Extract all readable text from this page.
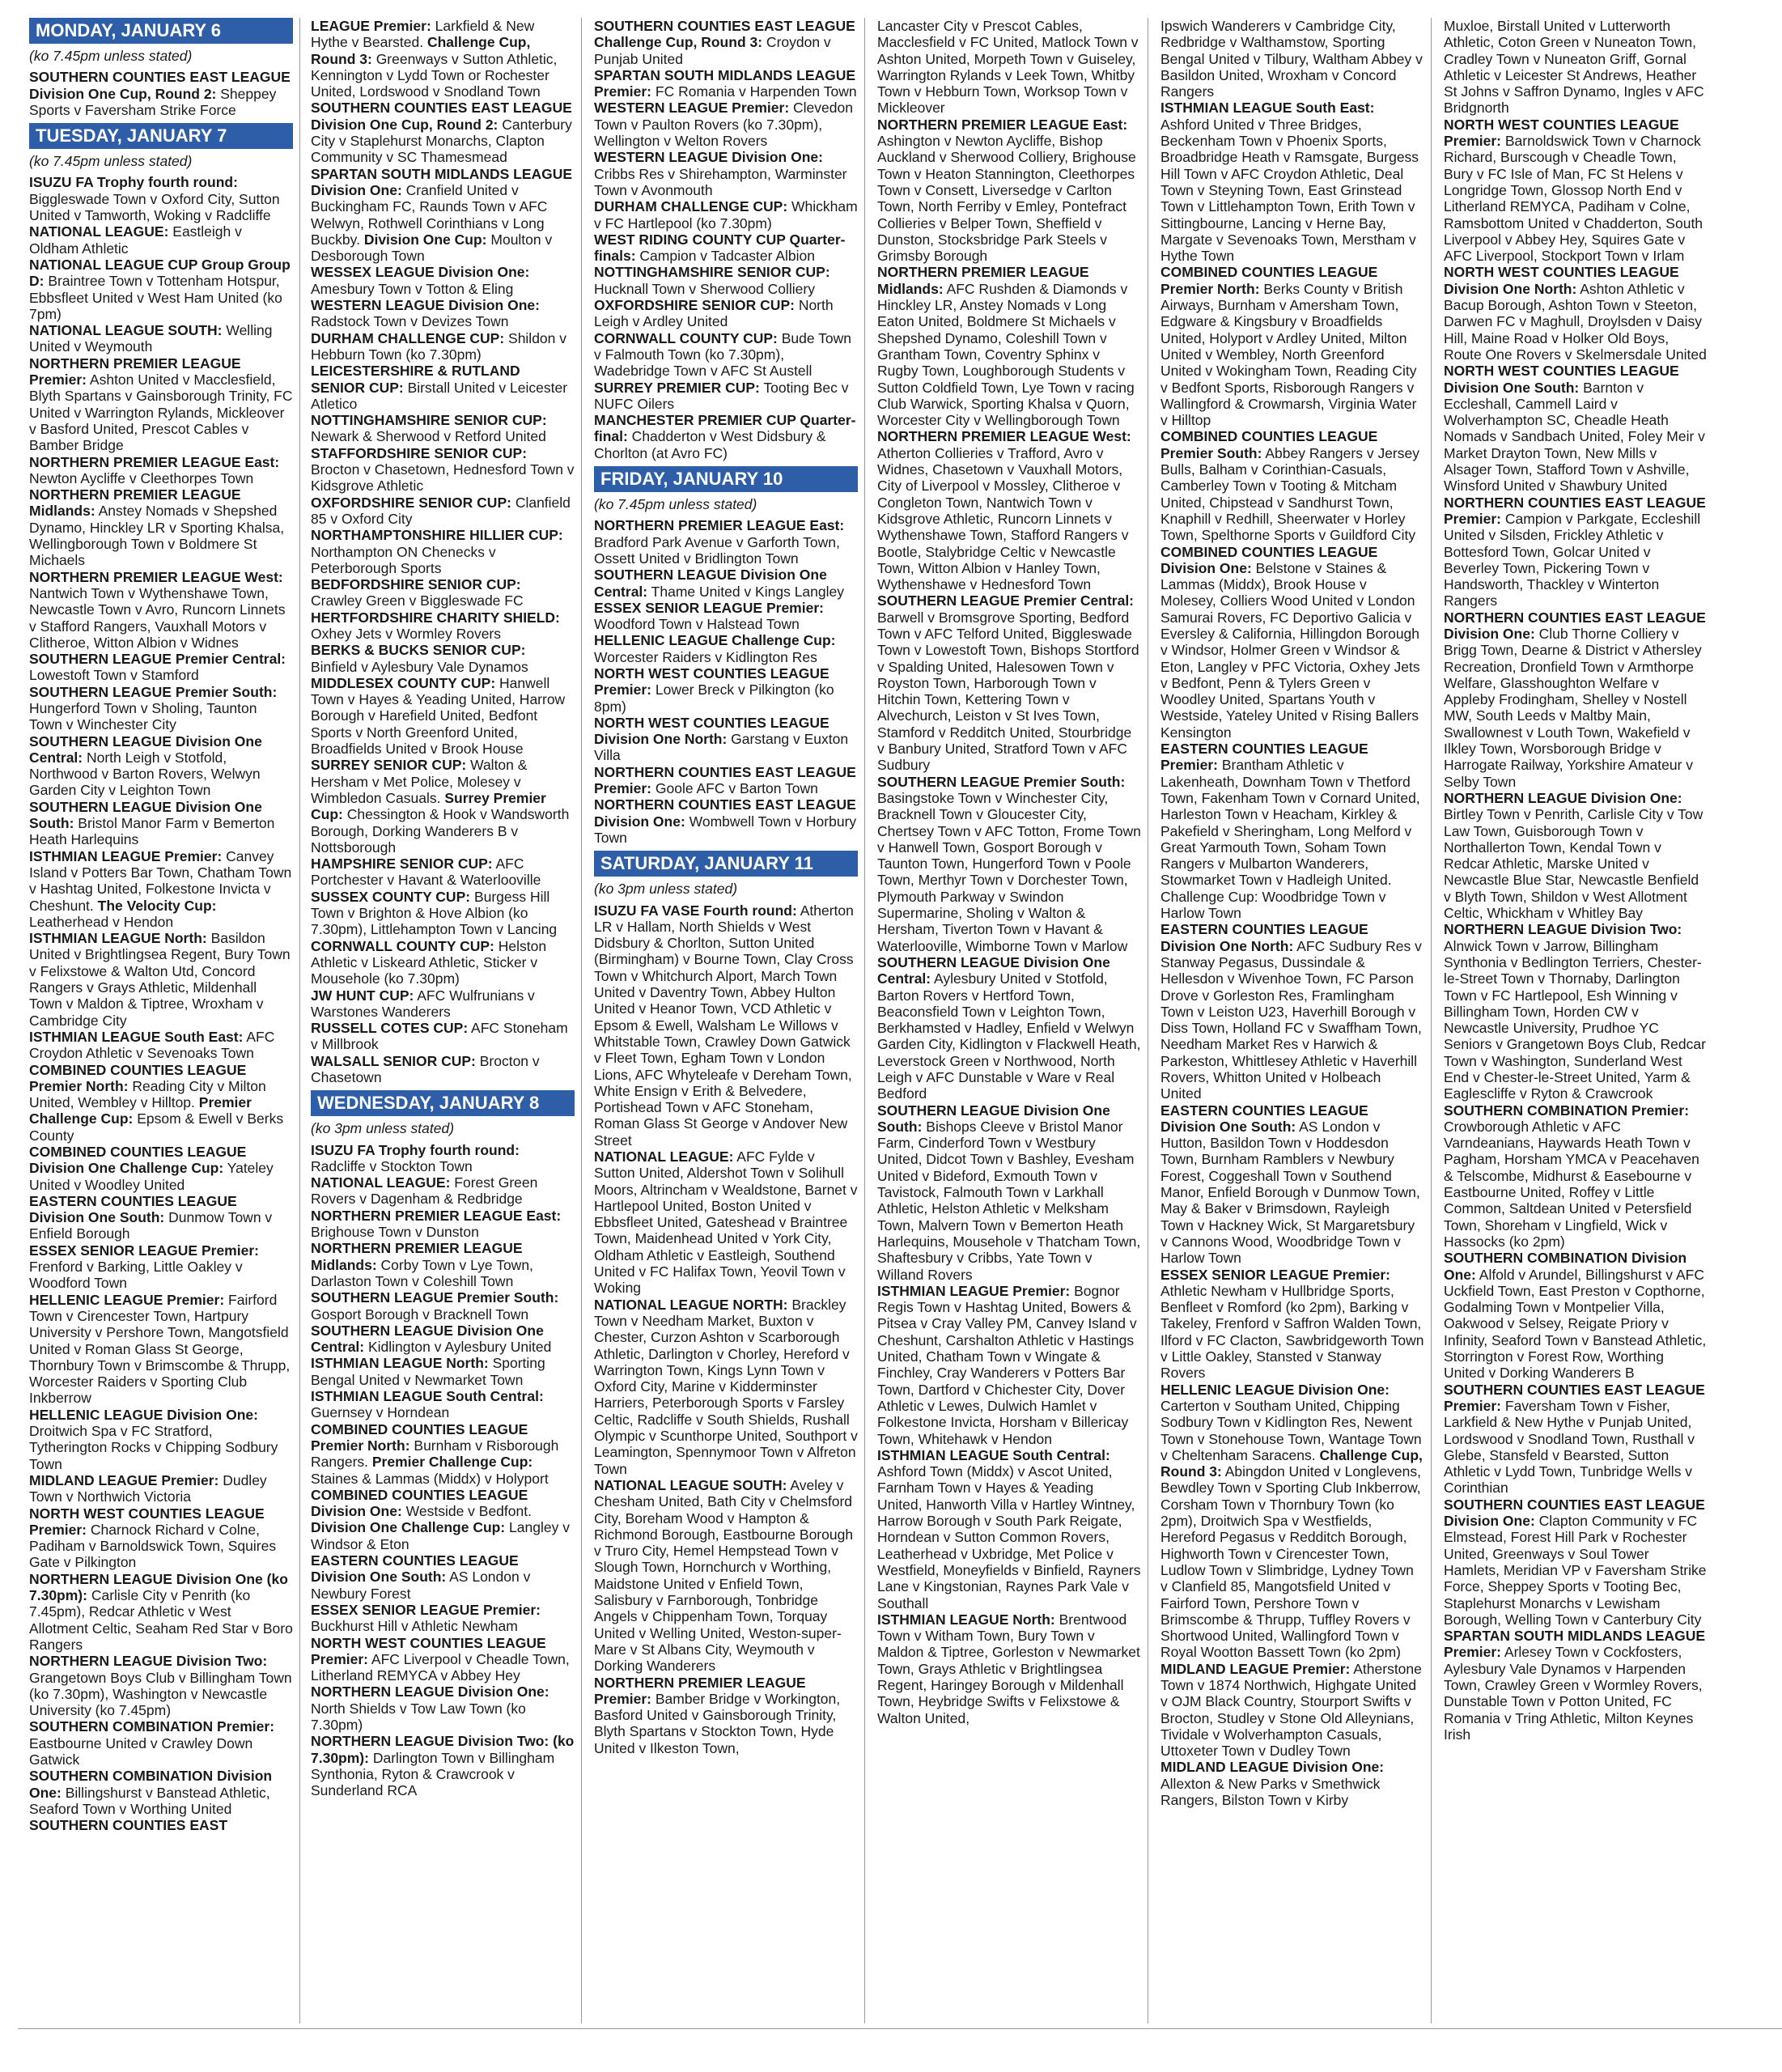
MONDAY, JANUARY 6
(ko 7.45pm unless stated)

SOUTHERN COUNTIES EAST LEAGUE Division One Cup, Round 2: Sheppey Sports v Faversham Strike Force

TUESDAY, JANUARY 7
(ko 7.45pm unless stated)

ISUZU FA Trophy fourth round: Biggleswade Town v Oxford City, Sutton United v Tamworth, Woking v Radcliffe

NATIONAL LEAGUE: Eastleigh v Oldham Athletic

NATIONAL LEAGUE CUP Group Group D: Braintree Town v Tottenham Hotspur, Ebbsfleet United v West Ham United (ko 7pm)

NATIONAL LEAGUE SOUTH: Welling United v Weymouth

NORTHERN PREMIER LEAGUE Premier: Ashton United v Macclesfield, Blyth Spartans v Gainsborough Trinity, FC United v Warrington Rylands, Mickleover v Basford United, Prescot Cables v Bamber Bridge

NORTHERN PREMIER LEAGUE East: Newton Aycliffe v Cleethorpes Town

NORTHERN PREMIER LEAGUE Midlands: Anstey Nomads v Shepshed Dynamo, Hinckley LR v Sporting Khalsa, Wellingborough Town v Boldmere St Michaels

NORTHERN PREMIER LEAGUE West: Nantwich Town v Wythenshawe Town, Newcastle Town v Avro, Runcorn Linnets v Stafford Rangers, Vauxhall Motors v Clitheroe, Witton Albion v Widnes

SOUTHERN LEAGUE Premier Central: Lowestoft Town v Stamford

SOUTHERN LEAGUE Premier South: Hungerford Town v Sholing, Taunton Town v Winchester City

SOUTHERN LEAGUE Division One Central: North Leigh v Stotfold, Northwood v Barton Rovers, Welwyn Garden City v Leighton Town

SOUTHERN LEAGUE Division One South: Bristol Manor Farm v Bemerton Heath Harlequins

ISTHMIAN LEAGUE Premier: Canvey Island v Potters Bar Town, Chatham Town v Hashtag United, Folkestone Invicta v Cheshunt. The Velocity Cup: Leatherhead v Hendon

ISTHMIAN LEAGUE North: Basildon United v Brightlingsea Regent, Bury Town v Felixstowe & Walton Utd, Concord Rangers v Grays Athletic, Mildenhall Town v Maldon & Tiptree, Wroxham v Cambridge City

ISTHMIAN LEAGUE South East: AFC Croydon Athletic v Sevenoaks Town

COMBINED COUNTIES LEAGUE Premier North: Reading City v Milton United, Wembley v Hilltop. Premier Challenge Cup: Epsom & Ewell v Berks County

COMBINED COUNTIES LEAGUE Division One Challenge Cup: Yateley United v Woodley United

EASTERN COUNTIES LEAGUE Division One South: Dunmow Town v Enfield Borough

ESSEX SENIOR LEAGUE Premier: Frenford v Barking, Little Oakley v Woodford Town

HELLENIC LEAGUE Premier: Fairford Town v Cirencester Town, Hartpury University v Pershore Town, Mangotsfield United v Roman Glass St George, Thornbury Town v Brimscombe & Thrupp, Worcester Raiders v Sporting Club Inkberrow

HELLENIC LEAGUE Division One: Droitwich Spa v FC Stratford, Tytherington Rocks v Chipping Sodbury Town

MIDLAND LEAGUE Premier: Dudley Town v Northwich Victoria

NORTH WEST COUNTIES LEAGUE Premier: Charnock Richard v Colne, Padiham v Barnoldswick Town, Squires Gate v Pilkington

NORTHERN LEAGUE Division One (ko 7.30pm): Carlisle City v Penrith (ko 7.45pm), Redcar Athletic v West Allotment Celtic, Seaham Red Star v Boro Rangers

NORTHERN LEAGUE Division Two: Grangetown Boys Club v Billingham Town (ko 7.30pm), Washington v Newcastle University (ko 7.45pm)

SOUTHERN COMBINATION Premier: Eastbourne United v Crawley Down Gatwick

SOUTHERN COMBINATION Division One: Billingshurst v Banstead Athletic, Seaford Town v Worthing United

SOUTHERN COUNTIES EAST

LEAGUE Premier: Larkfield & New Hythe v Bearsted. Challenge Cup, Round 3: Greenways v Sutton Athletic, Kennington v Lydd Town or Rochester United, Lordswood v Snodland Town

SOUTHERN COUNTIES EAST LEAGUE Division One Cup, Round 2: Canterbury City v Staplehurst Monarchs, Clapton Community v SC Thamesmead

SPARTAN SOUTH MIDLANDS LEAGUE Division One: Cranfield United v Buckingham FC, Raunds Town v AFC Welwyn, Rothwell Corinthians v Long Buckby. Division One Cup: Moulton v Desborough Town

WESSEX LEAGUE Division One: Amesbury Town v Totton & Eling

WESTERN LEAGUE Division One: Radstock Town v Devizes Town

DURHAM CHALLENGE CUP: Shildon v Hebburn Town (ko 7.30pm)

LEICESTERSHIRE & RUTLAND SENIOR CUP: Birstall United v Leicester Atletico

NOTTINGHAMSHIRE SENIOR CUP: Newark & Sherwood v Retford United

STAFFORDSHIRE SENIOR CUP: Brocton v Chasetown, Hednesford Town v Kidsgrove Athletic

OXFORDSHIRE SENIOR CUP: Clanfield 85 v Oxford City

NORTHAMPTONSHIRE HILLIER CUP: Northampton ON Chenecks v Peterborough Sports

BEDFORDSHIRE SENIOR CUP: Crawley Green v Biggleswade FC

HERTFORDSHIRE CHARITY SHIELD: Oxhey Jets v Wormley Rovers

BERKS & BUCKS SENIOR CUP: Binfield v Aylesbury Vale Dynamos

MIDDLESEX COUNTY CUP: Hanwell Town v Hayes & Yeading United, Harrow Borough v Harefield United, Bedfont Sports v North Greenford United, Broadfields United v Brook House

SURREY SENIOR CUP: Walton & Hersham v Met Police, Molesey v Wimbledon Casuals. Surrey Premier Cup: Chessington & Hook v Wandsworth Borough, Dorking Wanderers B v Nottsborough

HAMPSHIRE SENIOR CUP: AFC Portchester v Havant & Waterlooville

SUSSEX COUNTY CUP: Burgess Hill Town v Brighton & Hove Albion (ko 7.30pm), Littlehampton Town v Lancing

CORNWALL COUNTY CUP: Helston Athletic v Liskeard Athletic, Sticker v Mousehole (ko 7.30pm)

JW HUNT CUP: AFC Wulfrunians v Warstones Wanderers

RUSSELL COTES CUP: AFC Stoneham v Millbrook

WALSALL SENIOR CUP: Brocton v Chasetown

WEDNESDAY, JANUARY 8
(ko 3pm unless stated)

ISUZU FA Trophy fourth round: Radcliffe v Stockton Town

NATIONAL LEAGUE: Forest Green Rovers v Dagenham & Redbridge

NORTHERN PREMIER LEAGUE East: Brighouse Town v Dunston

NORTHERN PREMIER LEAGUE Midlands: Corby Town v Lye Town, Darlaston Town v Coleshill Town

SOUTHERN LEAGUE Premier South: Gosport Borough v Bracknell Town

SOUTHERN LEAGUE Division One Central: Kidlington v Aylesbury United

ISTHMIAN LEAGUE North: Sporting Bengal United v Newmarket Town

ISTHMIAN LEAGUE South Central: Guernsey v Horndean

COMBINED COUNTIES LEAGUE Premier North: Burnham v Risborough Rangers. Premier Challenge Cup: Staines & Lammas (Middx) v Holyport

COMBINED COUNTIES LEAGUE Division One: Westside v Bedfont. Division One Challenge Cup: Langley v Windsor & Eton

EASTERN COUNTIES LEAGUE Division One South: AS London v Newbury Forest

ESSEX SENIOR LEAGUE Premier: Buckhurst Hill v Athletic Newham

NORTH WEST COUNTIES LEAGUE Premier: AFC Liverpool v Cheadle Town, Litherland REMYCA v Abbey Hey

NORTHERN LEAGUE Division One: North Shields v Tow Law Town (ko 7.30pm)

NORTHERN LEAGUE Division Two: (ko 7.30pm): Darlington Town v Billingham Synthonia, Ryton & Crawcrook v Sunderland RCA

SOUTHERN COUNTIES EAST LEAGUE Challenge Cup, Round 3: Croydon v Punjab United

SPARTAN SOUTH MIDLANDS LEAGUE Premier: FC Romania v Harpenden Town

WESTERN LEAGUE Premier: Clevedon Town v Paulton Rovers (ko 7.30pm), Wellington v Welton Rovers

WESTERN LEAGUE Division One: Cribbs Res v Shirehampton, Warminster Town v Avonmouth

DURHAM CHALLENGE CUP: Whickham v FC Hartlepool (ko 7.30pm)

WEST RIDING COUNTY CUP Quarter-finals: Campion v Tadcaster Albion

NOTTINGHAMSHIRE SENIOR CUP: Hucknall Town v Sherwood Colliery

OXFORDSHIRE SENIOR CUP: North Leigh v Ardley United

CORNWALL COUNTY CUP: Bude Town v Falmouth Town (ko 7.30pm), Wadebridge Town v AFC St Austell

SURREY PREMIER CUP: Tooting Bec v NUFC Oilers

MANCHESTER PREMIER CUP Quarter-final: Chadderton v West Didsbury & Chorlton (at Avro FC)

FRIDAY, JANUARY 10
(ko 7.45pm unless stated)

NORTHERN PREMIER LEAGUE East: Bradford Park Avenue v Garforth Town, Ossett United v Bridlington Town

SOUTHERN LEAGUE Division One Central: Thame United v Kings Langley

ESSEX SENIOR LEAGUE Premier: Woodford Town v Halstead Town

HELLENIC LEAGUE Challenge Cup: Worcester Raiders v Kidlington Res

NORTH WEST COUNTIES LEAGUE Premier: Lower Breck v Pilkington (ko 8pm)

NORTH WEST COUNTIES LEAGUE Division One North: Garstang v Euxton Villa

NORTHERN COUNTIES EAST LEAGUE Premier: Goole AFC v Barton Town

NORTHERN COUNTIES EAST LEAGUE Division One: Wombwell Town v Horbury Town

SATURDAY, JANUARY 11
(ko 3pm unless stated)

ISUZU FA VASE Fourth round: Atherton LR v Hallam, North Shields v West Didsbury & Chorlton, Sutton United (Birmingham) v Bourne Town, Clay Cross Town v Whitchurch Alport, March Town United v Daventry Town, Abbey Hulton United v Heanor Town, VCD Athletic v Epsom & Ewell, Walsham Le Willows v Whitstable Town, Crawley Down Gatwick v Fleet Town, Egham Town v London Lions, AFC Whyteleafe v Dereham Town, White Ensign v Erith & Belvedere, Portishead Town v AFC Stoneham, Roman Glass St George v Andover New Street

NATIONAL LEAGUE: AFC Fylde v Sutton United, Aldershot Town v Solihull Moors, Altrincham v Wealdstone, Barnet v Hartlepool United, Boston United v Ebbsfleet United, Gateshead v Braintree Town, Maidenhead United v York City, Oldham Athletic v Eastleigh, Southend United v FC Halifax Town, Yeovil Town v Woking

NATIONAL LEAGUE NORTH: Brackley Town v Needham Market, Buxton v Chester, Curzon Ashton v Scarborough Athletic, Darlington v Chorley, Hereford v Warrington Town, Kings Lynn Town v Oxford City, Marine v Kidderminster Harriers, Peterborough Sports v Farsley Celtic, Radcliffe v South Shields, Rushall Olympic v Scunthorpe United, Southport v Leamington, Spennymoor Town v Alfreton Town

NATIONAL LEAGUE SOUTH: Aveley v Chesham United, Bath City v Chelmsford City, Boreham Wood v Hampton & Richmond Borough, Eastbourne Borough v Truro City, Hemel Hempstead Town v Slough Town, Hornchurch v Worthing, Maidstone United v Enfield Town, Salisbury v Farnborough, Tonbridge Angels v Chippenham Town, Torquay United v Welling United, Weston-super-Mare v St Albans City, Weymouth v Dorking Wanderers

NORTHERN PREMIER LEAGUE Premier: Bamber Bridge v Workington, Basford United v Gainsborough Trinity, Blyth Spartans v Stockton Town, Hyde United v Ilkeston Town,

Lancaster City v Prescot Cables, Macclesfield v FC United, Matlock Town v Ashton United, Morpeth Town v Guiseley, Warrington Rylands v Leek Town, Whitby Town v Hebburn Town, Worksop Town v Mickleover

NORTHERN PREMIER LEAGUE East: Ashington v Newton Aycliffe, Bishop Auckland v Sherwood Colliery, Brighouse Town v Heaton Stannington, Cleethorpes Town v Consett, Liversedge v Carlton Town, North Ferriby v Emley, Pontefract Collieries v Belper Town, Sheffield v Dunston, Stocksbridge Park Steels v Grimsby Borough

NORTHERN PREMIER LEAGUE Midlands: AFC Rushden & Diamonds v Hinckley LR, Anstey Nomads v Long Eaton United, Boldmere St Michaels v Shepshed Dynamo, Coleshill Town v Grantham Town, Coventry Sphinx v Rugby Town, Loughborough Students v Sutton Coldfield Town, Lye Town v racing Club Warwick, Sporting Khalsa v Quorn, Worcester City v Wellingborough Town

NORTHERN PREMIER LEAGUE West: Atherton Collieries v Trafford, Avro v Widnes, Chasetown v Vauxhall Motors, City of Liverpool v Mossley, Clitheroe v Congleton Town, Nantwich Town v Kidsgrove Athletic, Runcorn Linnets v Wythenshawe Town, Stafford Rangers v Bootle, Stalybridge Celtic v Newcastle Town, Witton Albion v Hanley Town, Wythenshawe v Hednesford Town

SOUTHERN LEAGUE Premier Central: Barwell v Bromsgrove Sporting, Bedford Town v AFC Telford United, Biggleswade Town v Lowestoft Town, Bishops Stortford v Spalding United, Halesowen Town v Royston Town, Harborough Town v Hitchin Town, Kettering Town v Alvechurch, Leiston v St Ives Town, Stamford v Redditch United, Stourbridge v Banbury United, Stratford Town v AFC Sudbury

SOUTHERN LEAGUE Premier South: Basingstoke Town v Winchester City, Bracknell Town v Gloucester City, Chertsey Town v AFC Totton, Frome Town v Hanwell Town, Gosport Borough v Taunton Town, Hungerford Town v Poole Town, Merthyr Town v Dorchester Town, Plymouth Parkway v Swindon Supermarine, Sholing v Walton & Hersham, Tiverton Town v Havant & Waterlooville, Wimborne Town v Marlow

SOUTHERN LEAGUE Division One Central: Aylesbury United v Stotfold, Barton Rovers v Hertford Town, Beaconsfield Town v Leighton Town, Berkhamsted v Hadley, Enfield v Welwyn Garden City, Kidlington v Flackwell Heath, Leverstock Green v Northwood, North Leigh v AFC Dunstable v Ware v Real Bedford

SOUTHERN LEAGUE Division One South: Bishops Cleeve v Bristol Manor Farm, Cinderford Town v Westbury United, Didcot Town v Bashley, Evesham United v Bideford, Exmouth Town v Tavistock, Falmouth Town v Larkhall Athletic, Helston Athletic v Melksham Town, Malvern Town v Bemerton Heath Harlequins, Mousehole v Thatcham Town, Shaftesbury v Cribbs, Yate Town v Willand Rovers

ISTHMIAN LEAGUE Premier: Bognor Regis Town v Hashtag United, Bowers & Pitsea v Cray Valley PM, Canvey Island v Cheshunt, Carshalton Athletic v Hastings United, Chatham Town v Wingate & Finchley, Cray Wanderers v Potters Bar Town, Dartford v Chichester City, Dover Athletic v Lewes, Dulwich Hamlet v Folkestone Invicta, Horsham v Billericay Town, Whitehawk v Hendon

ISTHMIAN LEAGUE South Central: Ashford Town (Middx) v Ascot United, Farnham Town v Hayes & Yeading United, Hanworth Villa v Hartley Wintney, Harrow Borough v South Park Reigate, Horndean v Sutton Common Rovers, Leatherhead v Uxbridge, Met Police v Westfield, Moneyfields v Binfield, Rayners Lane v Kingstonian, Raynes Park Vale v Southall

ISTHMIAN LEAGUE North: Brentwood Town v Witham Town, Bury Town v Maldon & Tiptree, Gorleston v Newmarket Town, Grays Athletic v Brightlingsea Regent, Haringey Borough v Mildenhall Town, Heybridge Swifts v Felixstowe & Walton United,

Ipswich Wanderers v Cambridge City, Redbridge v Walthamstow, Sporting Bengal United v Tilbury, Waltham Abbey v Basildon United, Wroxham v Concord Rangers

ISTHMIAN LEAGUE South East: Ashford United v Three Bridges, Beckenham Town v Phoenix Sports, Broadbridge Heath v Ramsgate, Burgess Hill Town v AFC Croydon Athletic, Deal Town v Steyning Town, East Grinstead Town v Littlehampton Town, Erith Town v Sittingbourne, Lancing v Herne Bay, Margate v Sevenoaks Town, Merstham v Hythe Town

COMBINED COUNTIES LEAGUE Premier North: Berks County v British Airways, Burnham v Amersham Town, Edgware & Kingsbury v Broadfields United, Holyport v Ardley United, Milton United v Wembley, North Greenford United v Wokingham Town, Reading City v Bedfont Sports, Risborough Rangers v Wallingford & Crowmarsh, Virginia Water v Hilltop

COMBINED COUNTIES LEAGUE Premier South: Abbey Rangers v Jersey Bulls, Balham v Corinthian-Casuals, Camberley Town v Tooting & Mitcham United, Chipstead v Sandhurst Town, Knaphill v Redhill, Sheerwater v Horley Town, Spelthorne Sports v Guildford City

COMBINED COUNTIES LEAGUE Division One: Belstone v Staines & Lammas (Middx), Brook House v Molesey, Colliers Wood United v London Samurai Rovers, FC Deportivo Galicia v Eversley & California, Hillingdon Borough v Windsor, Holmer Green v Windsor & Eton, Langley v PFC Victoria, Oxhey Jets v Bedfont, Penn & Tylers Green v Woodley United, Spartans Youth v Westside, Yateley United v Rising Ballers Kensington

EASTERN COUNTIES LEAGUE Premier: Brantham Athletic v Lakenheath, Downham Town v Thetford Town, Fakenham Town v Cornard United, Harleston Town v Heacham, Kirkley & Pakefield v Sheringham, Long Melford v Great Yarmouth Town, Soham Town Rangers v Mulbarton Wanderers, Stowmarket Town v Hadleigh United. Challenge Cup: Woodbridge Town v Harlow Town

EASTERN COUNTIES LEAGUE Division One North: AFC Sudbury Res v Stanway Pegasus, Dussindale & Hellesdon v Wivenhoe Town, FC Parson Drove v Gorleston Res, Framlingham Town v Leiston U23, Haverhill Borough v Diss Town, Holland FC v Swaffham Town, Needham Market Res v Harwich & Parkeston, Whittlesey Athletic v Haverhill Rovers, Whitton United v Holbeach United

EASTERN COUNTIES LEAGUE Division One South: AS London v Hutton, Basildon Town v Hoddesdon Town, Burnham Ramblers v Newbury Forest, Coggeshall Town v Southend Manor, Enfield Borough v Dunmow Town, May & Baker v Brimsdown, Rayleigh Town v Hackney Wick, St Margaretsbury v Cannons Wood, Woodbridge Town v Harlow Town

ESSEX SENIOR LEAGUE Premier: Athletic Newham v Hullbridge Sports, Benfleet v Romford (ko 2pm), Barking v Takeley, Frenford v Saffron Walden Town, Ilford v FC Clacton, Sawbridgeworth Town v Little Oakley, Stansted v Stanway Rovers

HELLENIC LEAGUE Division One: Carterton v Southam United, Chipping Sodbury Town v Kidlington Res, Newent Town v Stonehouse Town, Wantage Town v Cheltenham Saracens. Challenge Cup, Round 3: Abingdon United v Longlevens, Bewdley Town v Sporting Club Inkberrow, Corsham Town v Thornbury Town (ko 2pm), Droitwich Spa v Westfields, Hereford Pegasus v Redditch Borough, Highworth Town v Cirencester Town, Ludlow Town v Slimbridge, Lydney Town v Clanfield 85, Mangotsfield United v Fairford Town, Pershore Town v Brimscombe & Thrupp, Tuffley Rovers v Shortwood United, Wallingford Town v Royal Wootton Bassett Town (ko 2pm)

MIDLAND LEAGUE Premier: Atherstone Town v 1874 Northwich, Highgate United v OJM Black Country, Stourport Swifts v Brocton, Studley v Stone Old Alleynians, Tividale v Wolverhampton Casuals, Uttoxeter Town v Dudley Town

MIDLAND LEAGUE Division One: Allexton & New Parks v Smethwick Rangers, Bilston Town v Kirby

Muxloe, Birstall United v Lutterworth Athletic, Coton Green v Nuneaton Town, Cradley Town v Nuneaton Griff, Gornal Athletic v Leicester St Andrews, Heather St Johns v Saffron Dynamo, Ingles v AFC Bridgnorth

NORTH WEST COUNTIES LEAGUE Premier: Barnoldswick Town v Charnock Richard, Burscough v Cheadle Town, Bury v FC Isle of Man, FC St Helens v Longridge Town, Glossop North End v Litherland REMYCA, Padiham v Colne, Ramsbottom United v Chadderton, South Liverpool v Abbey Hey, Squires Gate v AFC Liverpool, Stockport Town v Irlam

NORTH WEST COUNTIES LEAGUE Division One North: Ashton Athletic v Bacup Borough, Ashton Town v Steeton, Darwen FC v Maghull, Droylsden v Daisy Hill, Maine Road v Holker Old Boys, Route One Rovers v Skelmersdale United

NORTH WEST COUNTIES LEAGUE Division One South: Barnton v Eccleshall, Cammell Laird v Wolverhampton SC, Cheadle Heath Nomads v Sandbach United, Foley Meir v Market Drayton Town, New Mills v Alsager Town, Stafford Town v Ashville, Winsford United v Shawbury United

NORTHERN COUNTIES EAST LEAGUE Premier: Campion v Parkgate, Eccleshill United v Silsden, Frickley Athletic v Bottesford Town, Golcar United v Beverley Town, Pickering Town v Handsworth, Thackley v Winterton Rangers

NORTHERN COUNTIES EAST LEAGUE Division One: Club Thorne Colliery v Brigg Town, Dearne & District v Athersley Recreation, Dronfield Town v Armthorpe Welfare, Glasshoughton Welfare v Appleby Frodingham, Shelley v Nostell MW, South Leeds v Maltby Main, Swallownest v Louth Town, Wakefield v Ilkley Town, Worsborough Bridge v Harrogate Railway, Yorkshire Amateur v Selby Town

NORTHERN LEAGUE Division One: Birtley Town v Penrith, Carlisle City v Tow Law Town, Guisborough Town v Northallerton Town, Kendal Town v Redcar Athletic, Marske United v Newcastle Blue Star, Newcastle Benfield v Blyth Town, Shildon v West Allotment Celtic, Whickham v Whitley Bay

NORTHERN LEAGUE Division Two: Alnwick Town v Jarrow, Billingham Synthonia v Bedlington Terriers, Chester-le-Street Town v Thornaby, Darlington Town v FC Hartlepool, Esh Winning v Billingham Town, Horden CW v Newcastle University, Prudhoe YC Seniors v Grangetown Boys Club, Redcar Town v Washington, Sunderland West End v Chester-le-Street United, Yarm & Eaglescliffe v Ryton & Crawcrook

SOUTHERN COMBINATION Premier: Crowborough Athletic v AFC Varndeanians, Haywards Heath Town v Pagham, Horsham YMCA v Peacehaven & Telscombe, Midhurst & Easebourne v Eastbourne United, Roffey v Little Common, Saltdean United v Petersfield Town, Shoreham v Lingfield, Wick v Hassocks (ko 2pm)

SOUTHERN COMBINATION Division One: Alfold v Arundel, Billingshurst v AFC Uckfield Town, East Preston v Copthorne, Godalming Town v Montpelier Villa, Oakwood v Selsey, Reigate Priory v Infinity, Seaford Town v Banstead Athletic, Storrington v Forest Row, Worthing United v Dorking Wanderers B

SOUTHERN COUNTIES EAST LEAGUE Premier: Faversham Town v Fisher, Larkfield & New Hythe v Punjab United, Lordswood v Snodland Town, Rusthall v Glebe, Stansfeld v Bearsted, Sutton Athletic v Lydd Town, Tunbridge Wells v Corinthian

SOUTHERN COUNTIES EAST LEAGUE Division One: Clapton Community v FC Elmstead, Forest Hill Park v Rochester United, Greenways v Soul Tower Hamlets, Meridian VP v Faversham Strike Force, Sheppey Sports v Tooting Bec, Staplehurst Monarchs v Lewisham Borough, Welling Town v Canterbury City

SPARTAN SOUTH MIDLANDS LEAGUE Premier: Arlesey Town v Cockfosters, Aylesbury Vale Dynamos v Harpenden Town, Crawley Green v Wormley Rovers, Dunstable Town v Potton United, FC Romania v Tring Athletic, Milton Keynes Irish
